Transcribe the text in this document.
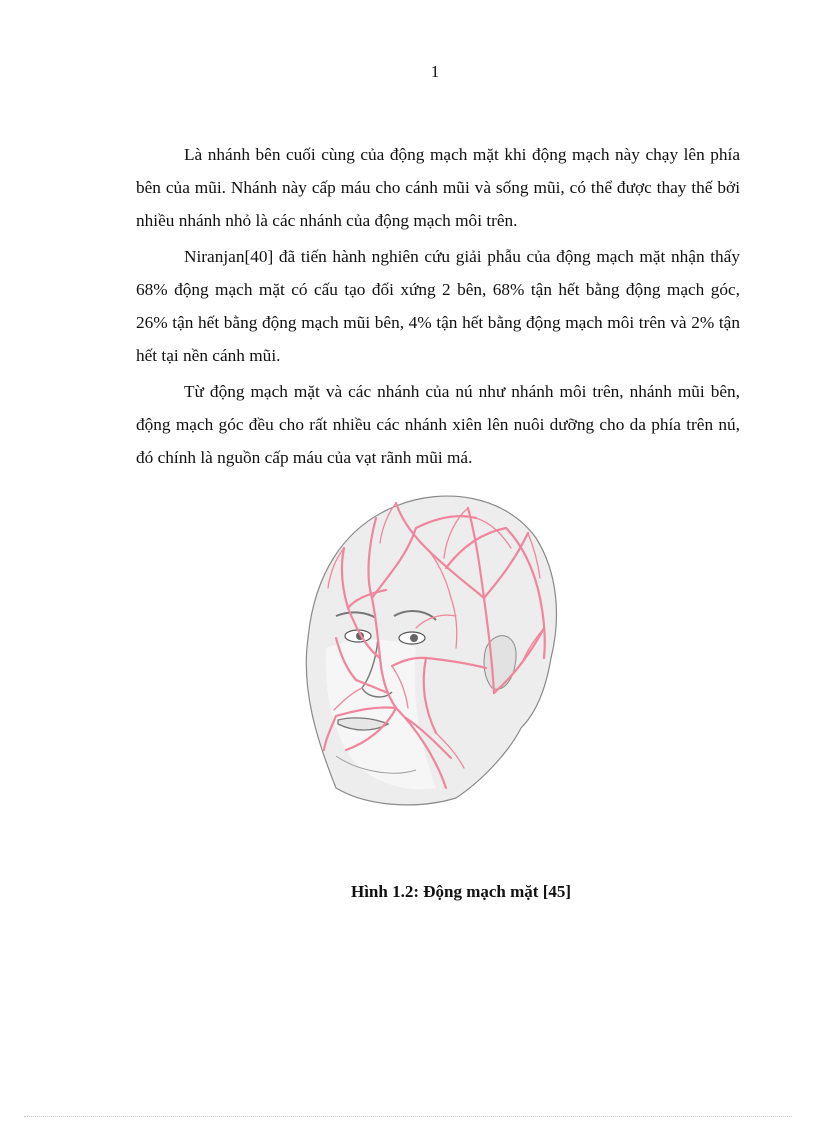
1

Là nhánh bên cuối cùng của động mạch mặt khi động mạch này chạy lên phía bên của mũi. Nhánh này cấp máu cho cánh mũi và sống mũi, có thể được thay thế bởi nhiều nhánh nhỏ là các nhánh của động mạch môi trên.

Niranjan[40] đã tiến hành nghiên cứu giải phẫu của động mạch mặt nhận thấy 68% động mạch mặt có cấu tạo đối xứng 2 bên, 68% tận hết bằng động mạch góc, 26% tận hết bằng động mạch mũi bên, 4% tận hết bằng động mạch môi trên và 2% tận hết tại nền cánh mũi.

Từ động mạch mặt và các nhánh của nú như nhánh môi trên, nhánh mũi bên, động mạch góc đều cho rất nhiều các nhánh xiên lên nuôi dưỡng cho da phía trên nú, đó chính là nguồn cấp máu của vạt rãnh mũi má.

Hình 1.2: Động mạch mặt [45]
